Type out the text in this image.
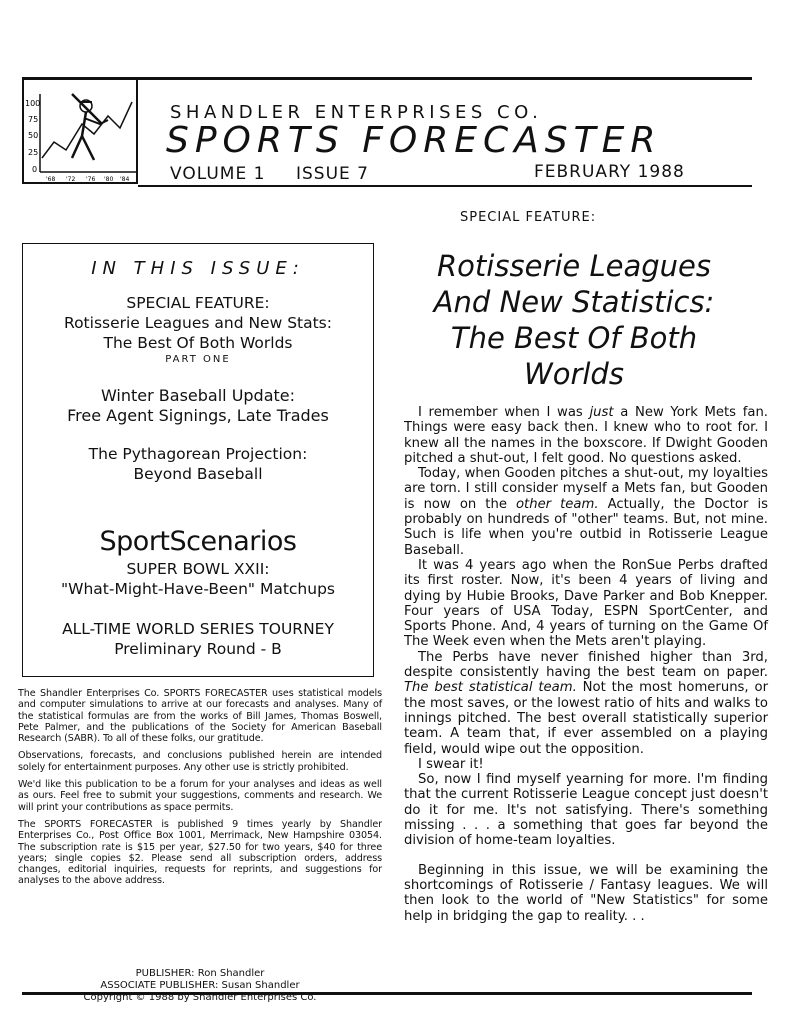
100
75
50
25
0
'68 '72 '76 '80 '84
SHANDLER ENTERPRISES CO.
SPORTS FORECASTER
VOLUME 1 ISSUE 7	FEBRUARY 1988
IN THIS ISSUE:
SPECIAL FEATURE:
Rotisserie Leagues and New Stats:
The Best Of Both Worlds
PART ONE
Winter Baseball Update:
Free Agent Signings, Late Trades
The Pythagorean Projection:
Beyond Baseball
SportScenarios
SUPER BOWL XXII:
"What-Might-Have-Been" Matchups
ALL-TIME WORLD SERIES TOURNEY
Preliminary Round - B

The Shandler Enterprises Co. SPORTS FORECASTER uses statistical models and computer simulations to arrive at our forecasts and analyses. Many of the statistical formulas are from the works of Bill James, Thomas Boswell, Pete Palmer, and the publications of the Society for American Baseball Research (SABR). To all of these folks, our gratitude.

Observations, forecasts, and conclusions published herein are intended solely for entertainment purposes. Any other use is strictly prohibited.

We'd like this publication to be a forum for your analyses and ideas as well as ours. Feel free to submit your suggestions, comments and research. We will print your contributions as space permits.

The SPORTS FORECASTER is published 9 times yearly by Shandler Enterprises Co., Post Office Box 1001, Merrimack, New Hampshire 03054. The subscription rate is $15 per year, $27.50 for two years, $40 for three years; single copies $2. Please send all subscription orders, address changes, editorial inquiries, requests for reprints, and suggestions for analyses to the above address.

PUBLISHER: Ron Shandler
ASSOCIATE PUBLISHER: Susan Shandler
Copyright © 1988 by Shandler Enterprises Co.
SPECIAL FEATURE:
Rotisserie Leagues
And New Statistics:
The Best Of Both
Worlds

I remember when I was just a New York Mets fan. Things were easy back then. I knew who to root for. I knew all the names in the boxscore. If Dwight Gooden pitched a shut-out, I felt good. No questions asked.

Today, when Gooden pitches a shut-out, my loyalties are torn. I still consider myself a Mets fan, but Gooden is now on the other team. Actually, the Doctor is probably on hundreds of "other" teams. But, not mine. Such is life when you're outbid in Rotisserie League Baseball.

It was 4 years ago when the RonSue Perbs drafted its first roster. Now, it's been 4 years of living and dying by Hubie Brooks, Dave Parker and Bob Knepper. Four years of USA Today, ESPN SportCenter, and Sports Phone. And, 4 years of turning on the Game Of The Week even when the Mets aren't playing.

The Perbs have never finished higher than 3rd, despite consistently having the best team on paper. The best statistical team. Not the most homeruns, or the most saves, or the lowest ratio of hits and walks to innings pitched. The best overall statistically superior team. A team that, if ever assembled on a playing field, would wipe out the opposition.

I swear it!

So, now I find myself yearning for more. I'm finding that the current Rotisserie League concept just doesn't do it for me. It's not satisfying. There's something missing . . . a something that goes far beyond the division of home-team loyalties.

Beginning in this issue, we will be examining the shortcomings of Rotisserie / Fantasy leagues. We will then look to the world of "New Statistics" for some help in bridging the gap to reality. . .
